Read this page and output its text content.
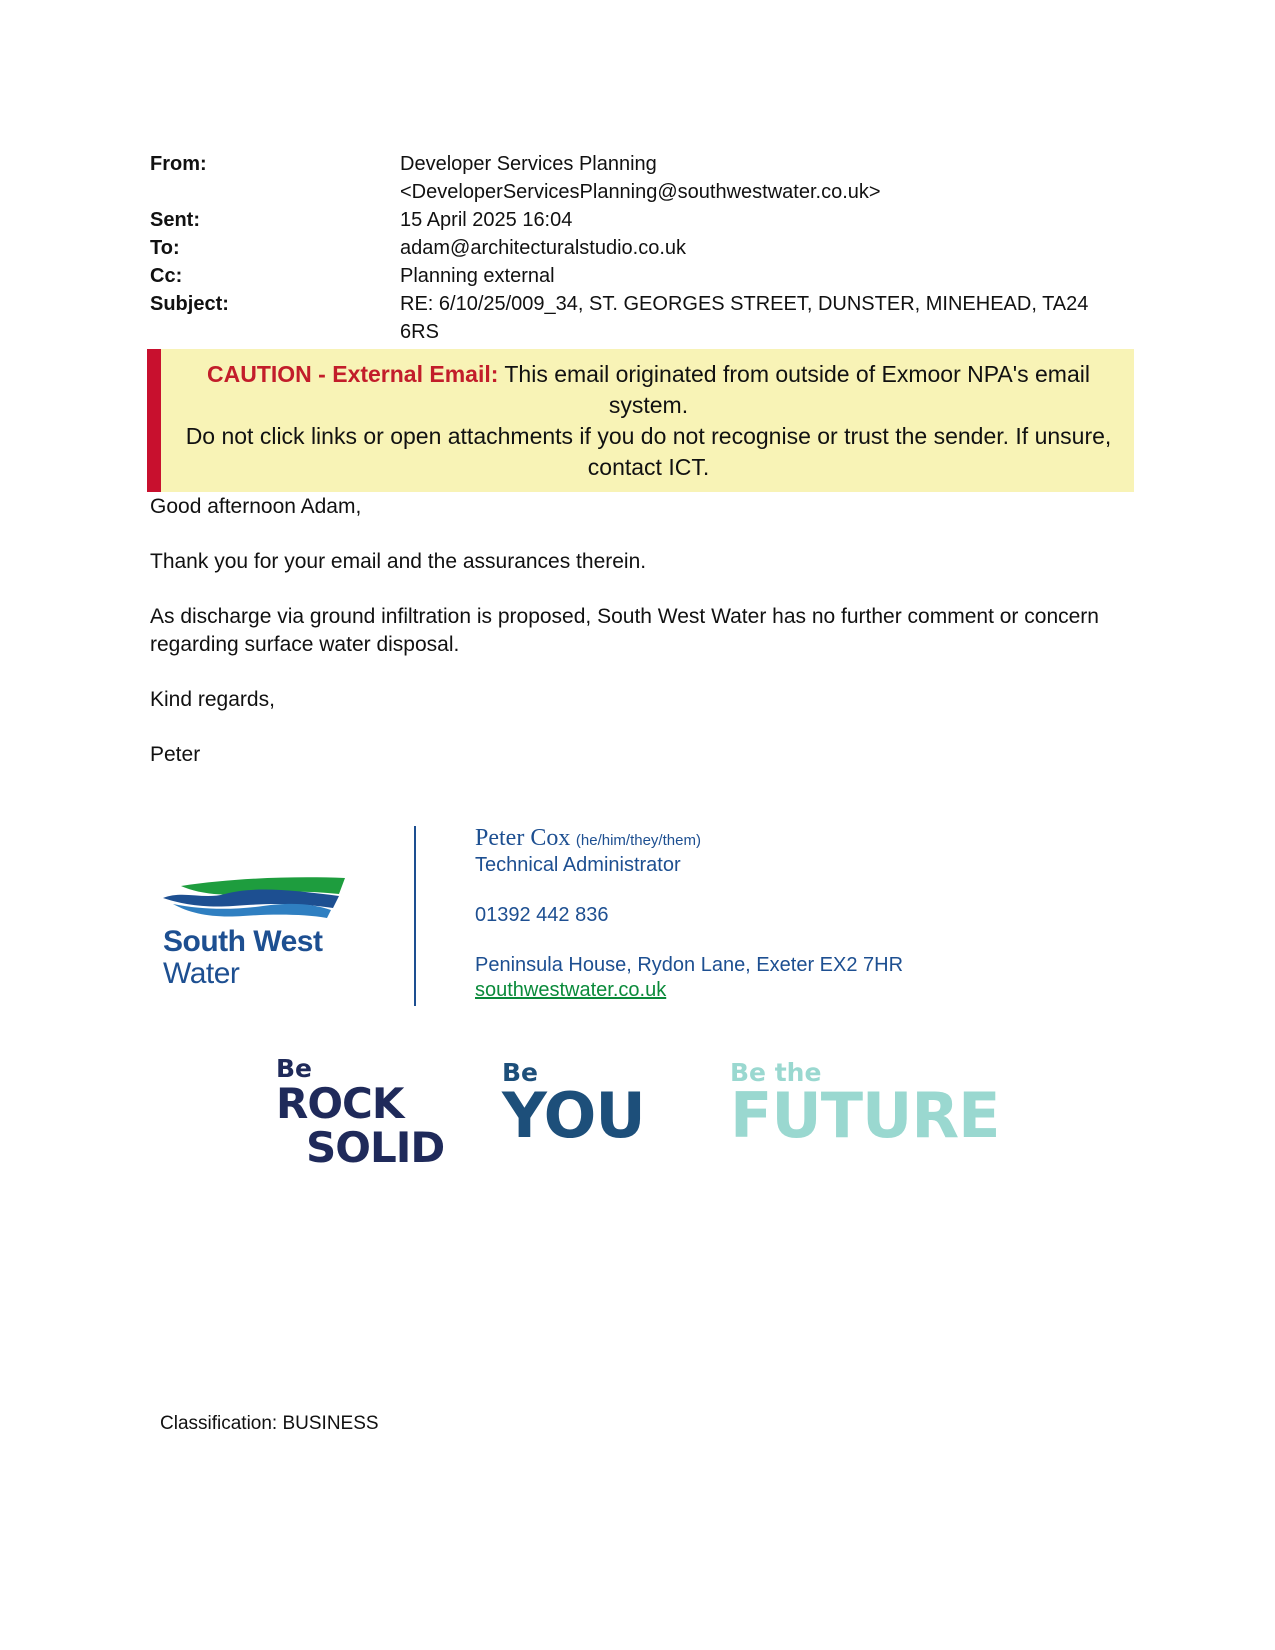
From:	Developer Services Planning
<DeveloperServicesPlanning@southwestwater.co.uk>
Sent:	15 April 2025 16:04
To:	adam@architecturalstudio.co.uk
Cc:	Planning external
Subject:	RE: 6/10/25/009_34, ST. GEORGES STREET, DUNSTER, MINEHEAD, TA24 6RS
CAUTION - External Email: This email originated from outside of Exmoor NPA's email system.
Do not click links or open attachments if you do not recognise or trust the sender. If unsure, contact ICT.

Good afternoon Adam,

Thank you for your email and the assurances therein.

As discharge via ground infiltration is proposed, South West Water has no further comment or concern regarding surface water disposal.

Kind regards,

Peter

South West
Water
Peter Cox (he/him/they/them)
Technical Administrator
01392 442 836
Peninsula House, Rydon Lane, Exeter EX2 7HR
southwestwater.co.uk
Be
ROCK
SOLID
Be
YOU
Be the
FUTURE
Classification: BUSINESS
